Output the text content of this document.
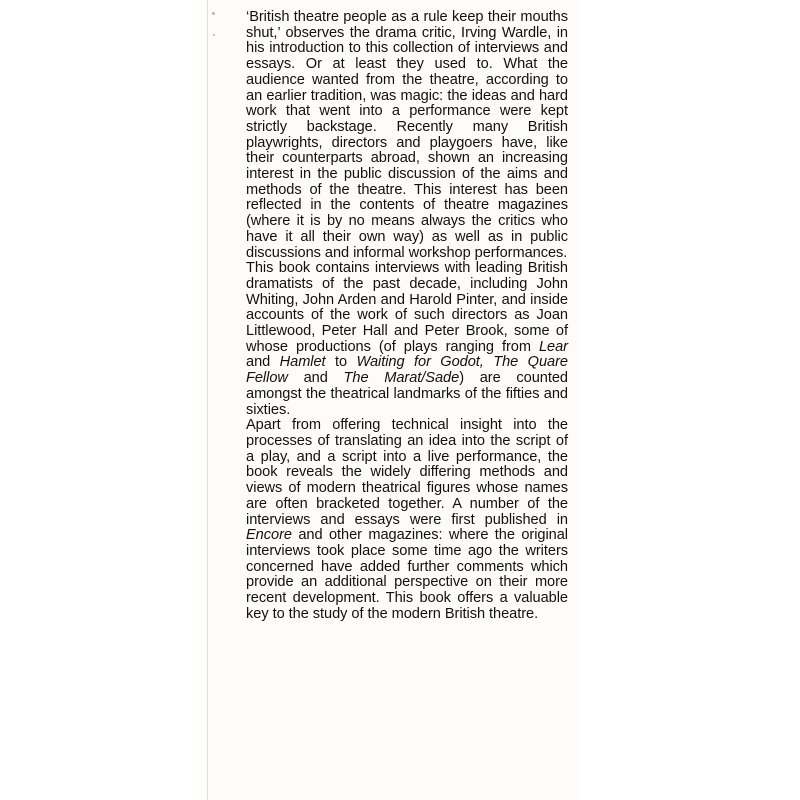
‘British theatre people as a rule keep their mouths shut,’ observes the drama critic, Irving Wardle, in his introduction to this collection of interviews and essays. Or at least they used to. What the audience wanted from the theatre, according to an earlier tradition, was magic: the ideas and hard work that went into a performance were kept strictly backstage. Recently many British playwrights, directors and playgoers have, like their counterparts abroad, shown an increasing interest in the public discussion of the aims and methods of the theatre. This interest has been reflected in the contents of theatre magazines (where it is by no means always the critics who have it all their own way) as well as in public discussions and informal workshop performances.

This book contains interviews with leading British dramatists of the past decade, including John Whiting, John Arden and Harold Pinter, and inside accounts of the work of such directors as Joan Littlewood, Peter Hall and Peter Brook, some of whose productions (of plays ranging from Lear and Hamlet to Waiting for Godot, The Quare Fellow and The Marat/Sade) are counted amongst the theatrical landmarks of the fifties and sixties.

Apart from offering technical insight into the processes of translating an idea into the script of a play, and a script into a live performance, the book reveals the widely differing methods and views of modern theatrical figures whose names are often bracketed together. A number of the interviews and essays were first published in Encore and other magazines: where the original interviews took place some time ago the writers concerned have added further comments which provide an additional perspective on their more recent development. This book offers a valuable key to the study of the modern British theatre.
